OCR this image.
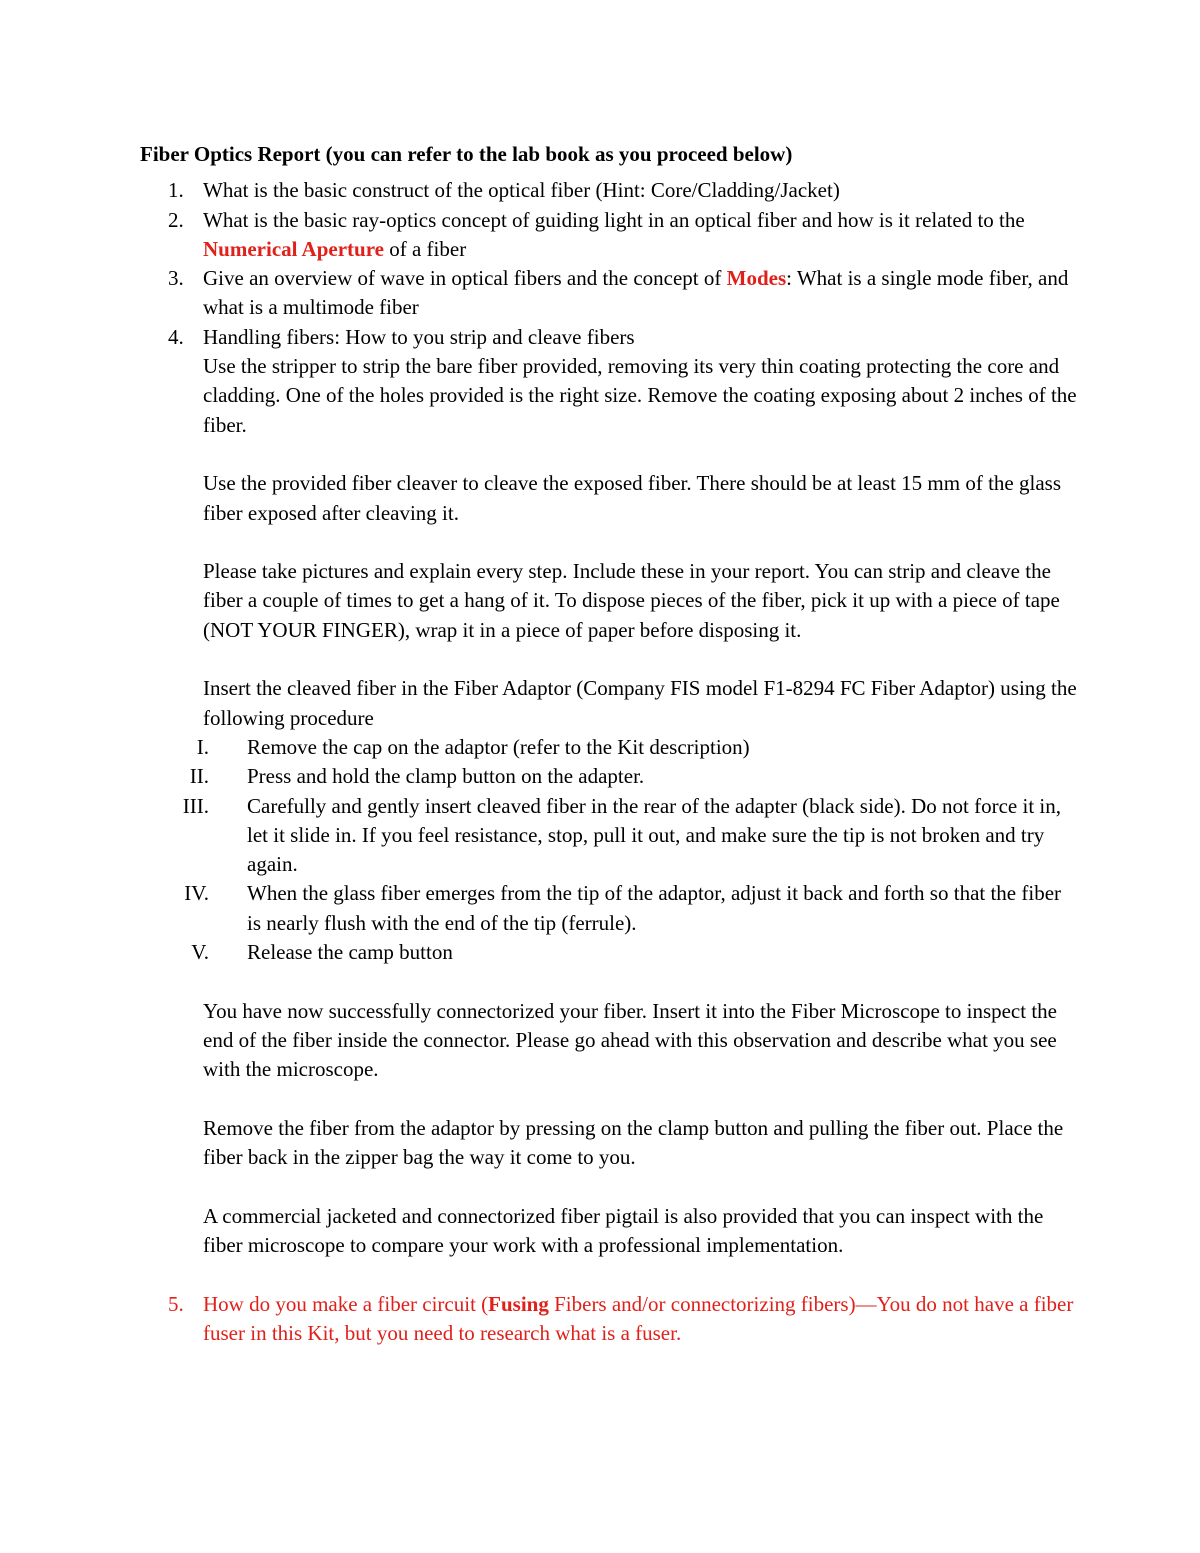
Fiber Optics Report (you can refer to the lab book as you proceed below)
1. What is the basic construct of the optical fiber (Hint: Core/Cladding/Jacket)
2. What is the basic ray-optics concept of guiding light in an optical fiber and how is it related to the Numerical Aperture of a fiber
3. Give an overview of wave in optical fibers and the concept of Modes: What is a single mode fiber, and what is a multimode fiber
4. Handling fibers: How to you strip and cleave fibers

Use the stripper to strip the bare fiber provided, removing its very thin coating protecting the core and cladding. One of the holes provided is the right size. Remove the coating exposing about 2 inches of the fiber.

Use the provided fiber cleaver to cleave the exposed fiber. There should be at least 15 mm of the glass fiber exposed after cleaving it.

Please take pictures and explain every step. Include these in your report. You can strip and cleave the fiber a couple of times to get a hang of it. To dispose pieces of the fiber, pick it up with a piece of tape (NOT YOUR FINGER), wrap it in a piece of paper before disposing it.

Insert the cleaved fiber in the Fiber Adaptor (Company FIS model F1-8294 FC Fiber Adaptor) using the following procedure

I. Remove the cap on the adaptor (refer to the Kit description)
II. Press and hold the clamp button on the adapter.
III. Carefully and gently insert cleaved fiber in the rear of the adapter (black side). Do not force it in, let it slide in. If you feel resistance, stop, pull it out, and make sure the tip is not broken and try again.
IV. When the glass fiber emerges from the tip of the adaptor, adjust it back and forth so that the fiber is nearly flush with the end of the tip (ferrule).
V. Release the camp button

You have now successfully connectorized your fiber. Insert it into the Fiber Microscope to inspect the end of the fiber inside the connector. Please go ahead with this observation and describe what you see with the microscope.

Remove the fiber from the adaptor by pressing on the clamp button and pulling the fiber out. Place the fiber back in the zipper bag the way it come to you.

A commercial jacketed and connectorized fiber pigtail is also provided that you can inspect with the fiber microscope to compare your work with a professional implementation.

5. How do you make a fiber circuit (Fusing Fibers and/or connectorizing fibers)—You do not have a fiber fuser in this Kit, but you need to research what is a fuser.
